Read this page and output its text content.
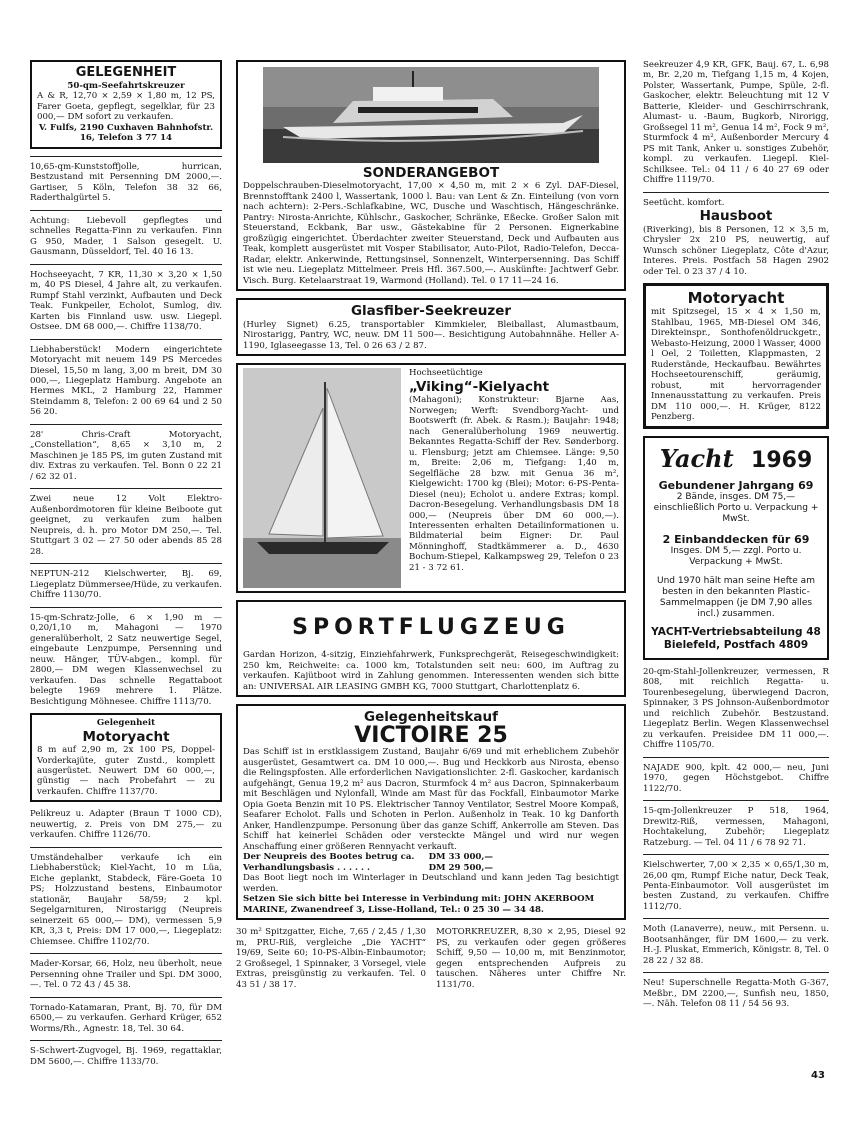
GELEGENHEIT
50-qm-Seefahrtskreuzer

A & R, 12,70 × 2,59 × 1,80 m, 12 PS, Farer Goeta, gepflegt, segelklar, für 23 000,— DM sofort zu verkaufen.

V. Fulfs, 2190 Cuxhaven Bahnhofstr. 16, Telefon 3 77 14

10,65-qm-Kunststoffjolle, hurrican, Bestzustand mit Persenning DM 2000,—. Gartiser, 5 Köln, Telefon 38 32 66, Raderthalgürtel 5.
Achtung: Liebevoll gepflegtes und schnelles Regatta-Finn zu verkaufen. Finn G 950, Mader, 1 Salson gesegelt. U. Gausmann, Düsseldorf, Tel. 40 16 13.
Hochseeyacht, 7 KR, 11,30 × 3,20 × 1,50 m, 40 PS Diesel, 4 Jahre alt, zu verkaufen. Rumpf Stahl verzinkt, Aufbauten und Deck Teak. Funkpeiler, Echolot, Sumlog, div. Karten bis Finnland usw. usw. Liegepl. Ostsee. DM 68 000,—. Chiffre 1138/70.
Liebhaberstück! Modern eingerichtete Motoryacht mit neuem 149 PS Mercedes Diesel, 15,50 m lang, 3,00 m breit, DM 30 000,—, Liegeplatz Hamburg. Angebote an Hermes MKL, 2 Hamburg 22, Hammer Steindamm 8, Telefon: 2 00 69 64 und 2 50 56 20.
28' Chris-Craft Motoryacht, „Constellation“, 8,65 × 3,10 m, 2 Maschinen je 185 PS, im guten Zustand mit div. Extras zu verkaufen. Tel. Bonn 0 22 21 / 62 32 01.
Zwei neue 12 Volt Elektro-Außenbordmotoren für kleine Beiboote gut geeignet, zu verkaufen zum halben Neupreis, d. h. pro Motor DM 250,—. Tel. Stuttgart 3 02 — 27 50 oder abends 85 28 28.
NEPTUN-212 Kielschwerter, Bj. 69, Liegeplatz Dümmersee/Hüde, zu verkaufen. Chiffre 1130/70.
15-qm-Schratz-Jolle, 6 × 1,90 m — 0,20/1,10 m, Mahagoni — 1970 generalüberholt, 2 Satz neuwertige Segel, eingebaute Lenzpumpe, Persenning und neuw. Hänger, TÜV-abgen., kompl. für 2800,— DM wegen Klassenwechsel zu verkaufen. Das schnelle Regattaboot belegte 1969 mehrere 1. Plätze. Besichtigung Möhnesee. Chiffre 1113/70.
Gelegenheit
Motoryacht

8 m auf 2,90 m, 2x 100 PS, Doppel-Vorderkajüte, guter Zustd., komplett ausgerüstet. Neuwert DM 60 000,—, günstig — nach Probefahrt — zu verkaufen. Chiffre 1137/70.

Pelikreuz u. Adapter (Braun T 1000 CD), neuwertig, z. Preis von DM 275,— zu verkaufen. Chiffre 1126/70.
Umständehalber verkaufe ich ein Liebhaberstück; Kiel-Yacht, 10 m Lüa, Eiche geplankt, Stabdeck, Färe-Goeta 10 PS; Holzzustand bestens, Einbaumotor stationär, Baujahr 58/59; 2 kpl. Segelgarnituren, Nirostarigg (Neupreis seinerzeit 65 000,— DM), vermessen 5,9 KR, 3,3 t, Preis: DM 17 000,—, Liegeplatz: Chiemsee. Chiffre 1102/70.
Mader-Korsar, 66, Holz, neu überholt, neue Persenning ohne Trailer und Spi. DM 3000,—. Tel. 0 72 43 / 45 38.
Tornado-Katamaran, Prant, Bj. 70, für DM 6500,— zu verkaufen. Gerhard Krüger, 652 Worms/Rh., Agnestr. 18, Tel. 30 64.
S-Schwert-Zugvogel, Bj. 1969, regattaklar, DM 5600,—. Chiffre 1133/70.
SONDERANGEBOT

Doppelschrauben-Dieselmotoryacht, 17,00 × 4,50 m, mit 2 × 6 Zyl. DAF-Diesel, Brennstofftank 2400 l, Wassertank, 1000 l. Bau: van Lent & Zn. Einteilung (von vorn nach achtern): 2-Pers.-Schlafkabine, WC, Dusche und Waschtisch, Hängeschränke. Pantry: Nirosta-Anrichte, Kühlschr., Gaskocher, Schränke, Eßecke. Großer Salon mit Steuerstand, Eckbank, Bar usw., Gästekabine für 2 Personen. Eignerkabine großzügig eingerichtet. Überdachter zweiter Steuerstand, Deck und Aufbauten aus Teak, komplett ausgerüstet mit Vosper Stabilisator, Auto-Pilot, Radio-Telefon, Decca-Radar, elektr. Ankerwinde, Rettungsinsel, Sonnenzelt, Winterpersenning. Das Schiff ist wie neu. Liegeplatz Mittelmeer. Preis Hfl. 367.500,—. Auskünfte: Jachtwerf Gebr. Visch. Burg. Ketelaarstraat 19, Warmond (Holland). Tel. 0 17 11—24 16.

Glasfiber-Seekreuzer

(Hurley Signet) 6.25, transportabler Kimmkieler, Bleiballast, Alumastbaum, Nirostarigg, Pantry, WC, neuw. DM 11 500—. Besichtigung Autobahnnähe. Heller A-1190, Iglaseegasse 13, Tel. 0 26 63 / 2 87.

Hochseetüchtige
„Viking“-Kielyacht

(Mahagoni); Konstrukteur: Bjarne Aas, Norwegen; Werft: Svendborg-Yacht- und Bootswerft (fr. Abek. & Rasm.); Baujahr: 1948; nach Generalüberholung 1969 neuwertig. Bekanntes Regatta-Schiff der Rev. Sønderborg. u. Flensburg; jetzt am Chiemsee. Länge: 9,50 m, Breite: 2,06 m, Tiefgang: 1,40 m, Segelfläche 28 bzw. mit Genua 36 m², Kielgewicht: 1700 kg (Blei); Motor: 6-PS-Penta-Diesel (neu); Echolot u. andere Extras; kompl. Dacron-Besegelung. Verhandlungsbasis DM 18 000,— (Neupreis über DM 60 000,—). Interessenten erhalten Detailinformationen u. Bildmaterial beim Eigner: Dr. Paul Mönninghoff, Stadtkämmerer a. D., 4630 Bochum-Stiepel, Kalkampsweg 29, Telefon 0 23 21 - 3 72 61.

SPORTFLUGZEUG

Gardan Horizon, 4-sitzig, Einziehfahrwerk, Funksprechgerät, Reisegeschwindigkeit: 250 km, Reichweite: ca. 1000 km, Totalstunden seit neu: 600, im Auftrag zu verkaufen. Kajütboot wird in Zahlung genommen. Interessenten wenden sich bitte an: UNIVERSAL AIR LEASING GMBH KG, 7000 Stuttgart, Charlottenplatz 6.

Gelegenheitskauf
VICTOIRE 25

Das Schiff ist in erstklassigem Zustand, Baujahr 6/69 und mit erheblichem Zubehör ausgerüstet, Gesamtwert ca. DM 10 000,—. Bug und Heckkorb aus Nirosta, ebenso die Relingspfosten. Alle erforderlichen Navigationslichter. 2-fl. Gaskocher, kardanisch aufgehängt, Genua 19,2 m² aus Dacron, Sturmfock 4 m² aus Dacron, Spinnakerbaum mit Beschlägen und Nylonfall, Winde am Mast für das Fockfall, Einbaumotor Marke Opia Goeta Benzin mit 10 PS. Elektrischer Tannoy Ventilator, Sestrel Moore Kompaß, Seafarer Echolot. Falls und Schoten in Perlon. Außenholz in Teak. 10 kg Danforth Anker, Handlenzpumpe. Personung über das ganze Schiff, Ankerrolle am Steven. Das Schiff hat keinerlei Schäden oder versteckte Mängel und wird nur wegen Anschaffung einer größeren Rennyacht verkauft.

Der Neupreis des Bootes betrug ca. DM 33 000,—
Verhandlungsbasis . . . . . .	DM 29 500,—

Das Boot liegt noch im Winterlager in Deutschland und kann jeden Tag besichtigt werden.

Setzen Sie sich bitte bei Interesse in Verbindung mit: JOHN AKERBOOM MARINE, Zwanendreef 3, Lisse-Holland, Tel.: 0 25 30 — 34 48.

30 m² Spitzgatter, Eiche, 7,65 / 2,45 / 1,30 m, PRU-Riß, vergleiche „Die YACHT“ 19/69, Seite 60; 10-PS-Albin-Einbaumotor; 2 Großsegel, 1 Spinnaker, 3 Vorsegel, viele Extras, preisgünstig zu verkaufen. Tel. 0 43 51 / 38 17.
MOTORKREUZER, 8,30 × 2,95, Diesel 92 PS, zu verkaufen oder gegen größeres Schiff, 9,50 — 10,00 m, mit Benzinmotor, gegen entsprechenden Aufpreis zu tauschen. Näheres unter Chiffre Nr. 1131/70.
Seekreuzer 4,9 KR, GFK, Bauj. 67, L. 6,98 m, Br. 2,20 m, Tiefgang 1,15 m, 4 Kojen, Polster, Wassertank, Pumpe, Spüle, 2-fl. Gaskocher, elektr. Beleuchtung mit 12 V Batterie, Kleider- und Geschirrschrank, Alumast- u. -Baum, Bugkorb, Nirorigg, Großsegel 11 m², Genua 14 m², Fock 9 m², Sturmfock 4 m², Außenborder Mercury 4 PS mit Tank, Anker u. sonstiges Zubehör, kompl. zu verkaufen. Liegepl. Kiel-Schilksee. Tel.: 04 11 / 6 40 27 69 oder Chiffre 1119/70.
Seetücht. komfort.
Hausboot

(Riverking), bis 8 Personen, 12 × 3,5 m, Chrysler 2x 210 PS, neuwertig, auf Wunsch schöner Liegeplatz, Côte d'Azur, Interes. Preis. Postfach 58 Hagen 2902 oder Tel. 0 23 37 / 4 10.

Motoryacht

mit Spitzsegel, 15 × 4 × 1,50 m, Stahlbau, 1965, MB-Diesel OM 346, Direkteinspr., Sonthofenöldruckgetr., Webasto-Heizung, 2000 l Wasser, 4000 l Oel, 2 Toiletten, Klappmasten, 2 Ruderstände, Heckaufbau. Bewährtes Hochseetourenschiff, geräumig, robust, mit hervorragender Innenausstattung zu verkaufen. Preis DM 110 000,—. H. Krüger, 8122 Penzberg.

Yacht 1969
Gebundener Jahrgang 69

2 Bände, insges. DM 75,— einschließlich Porto u. Verpackung + MwSt.

2 Einbanddecken für 69

Insges. DM 5,— zzgl. Porto u. Verpackung + MwSt.

Und 1970 hält man seine Hefte am besten in den bekannten Plastic-Sammelmappen (je DM 7,90 alles incl.) zusammen.

YACHT-Vertriebsabteilung 48 Bielefeld, Postfach 4809
20-qm-Stahl-Jollenkreuzer, vermessen, R 808, mit reichlich Regatta- u. Tourenbesegelung, überwiegend Dacron, Spinnaker, 3 PS Johnson-Außenbordmotor und reichlich Zubehör. Bestzustand. Liegeplatz Berlin. Wegen Klassenwechsel zu verkaufen. Preisidee DM 11 000,—. Chiffre 1105/70.
NAJADE 900, kplt. 42 000,— neu, Juni 1970, gegen Höchstgebot. Chiffre 1122/70.
15-qm-Jollenkreuzer P 518, 1964, Drewitz-Riß, vermessen, Mahagoni, Hochtakelung, Zubehör; Liegeplatz Ratzeburg. — Tel. 04 11 / 6 78 92 71.
Kielschwerter, 7,00 × 2,35 × 0,65/1,30 m, 26,00 qm, Rumpf Eiche natur, Deck Teak, Penta-Einbaumotor. Voll ausgerüstet im besten Zustand, zu verkaufen. Chiffre 1112/70.
Moth (Lanaverre), neuw., mit Persenn. u. Bootsanhänger, für DM 1600,— zu verk. H.-J. Pluskat, Emmerich, Königstr. 8, Tel. 0 28 22 / 32 88.
Neu! Superschnelle Regatta-Moth G-367, Meßbr., DM 2200,—, Sunfish neu, 1850,—. Näh. Telefon 08 11 / 54 56 93.
43
